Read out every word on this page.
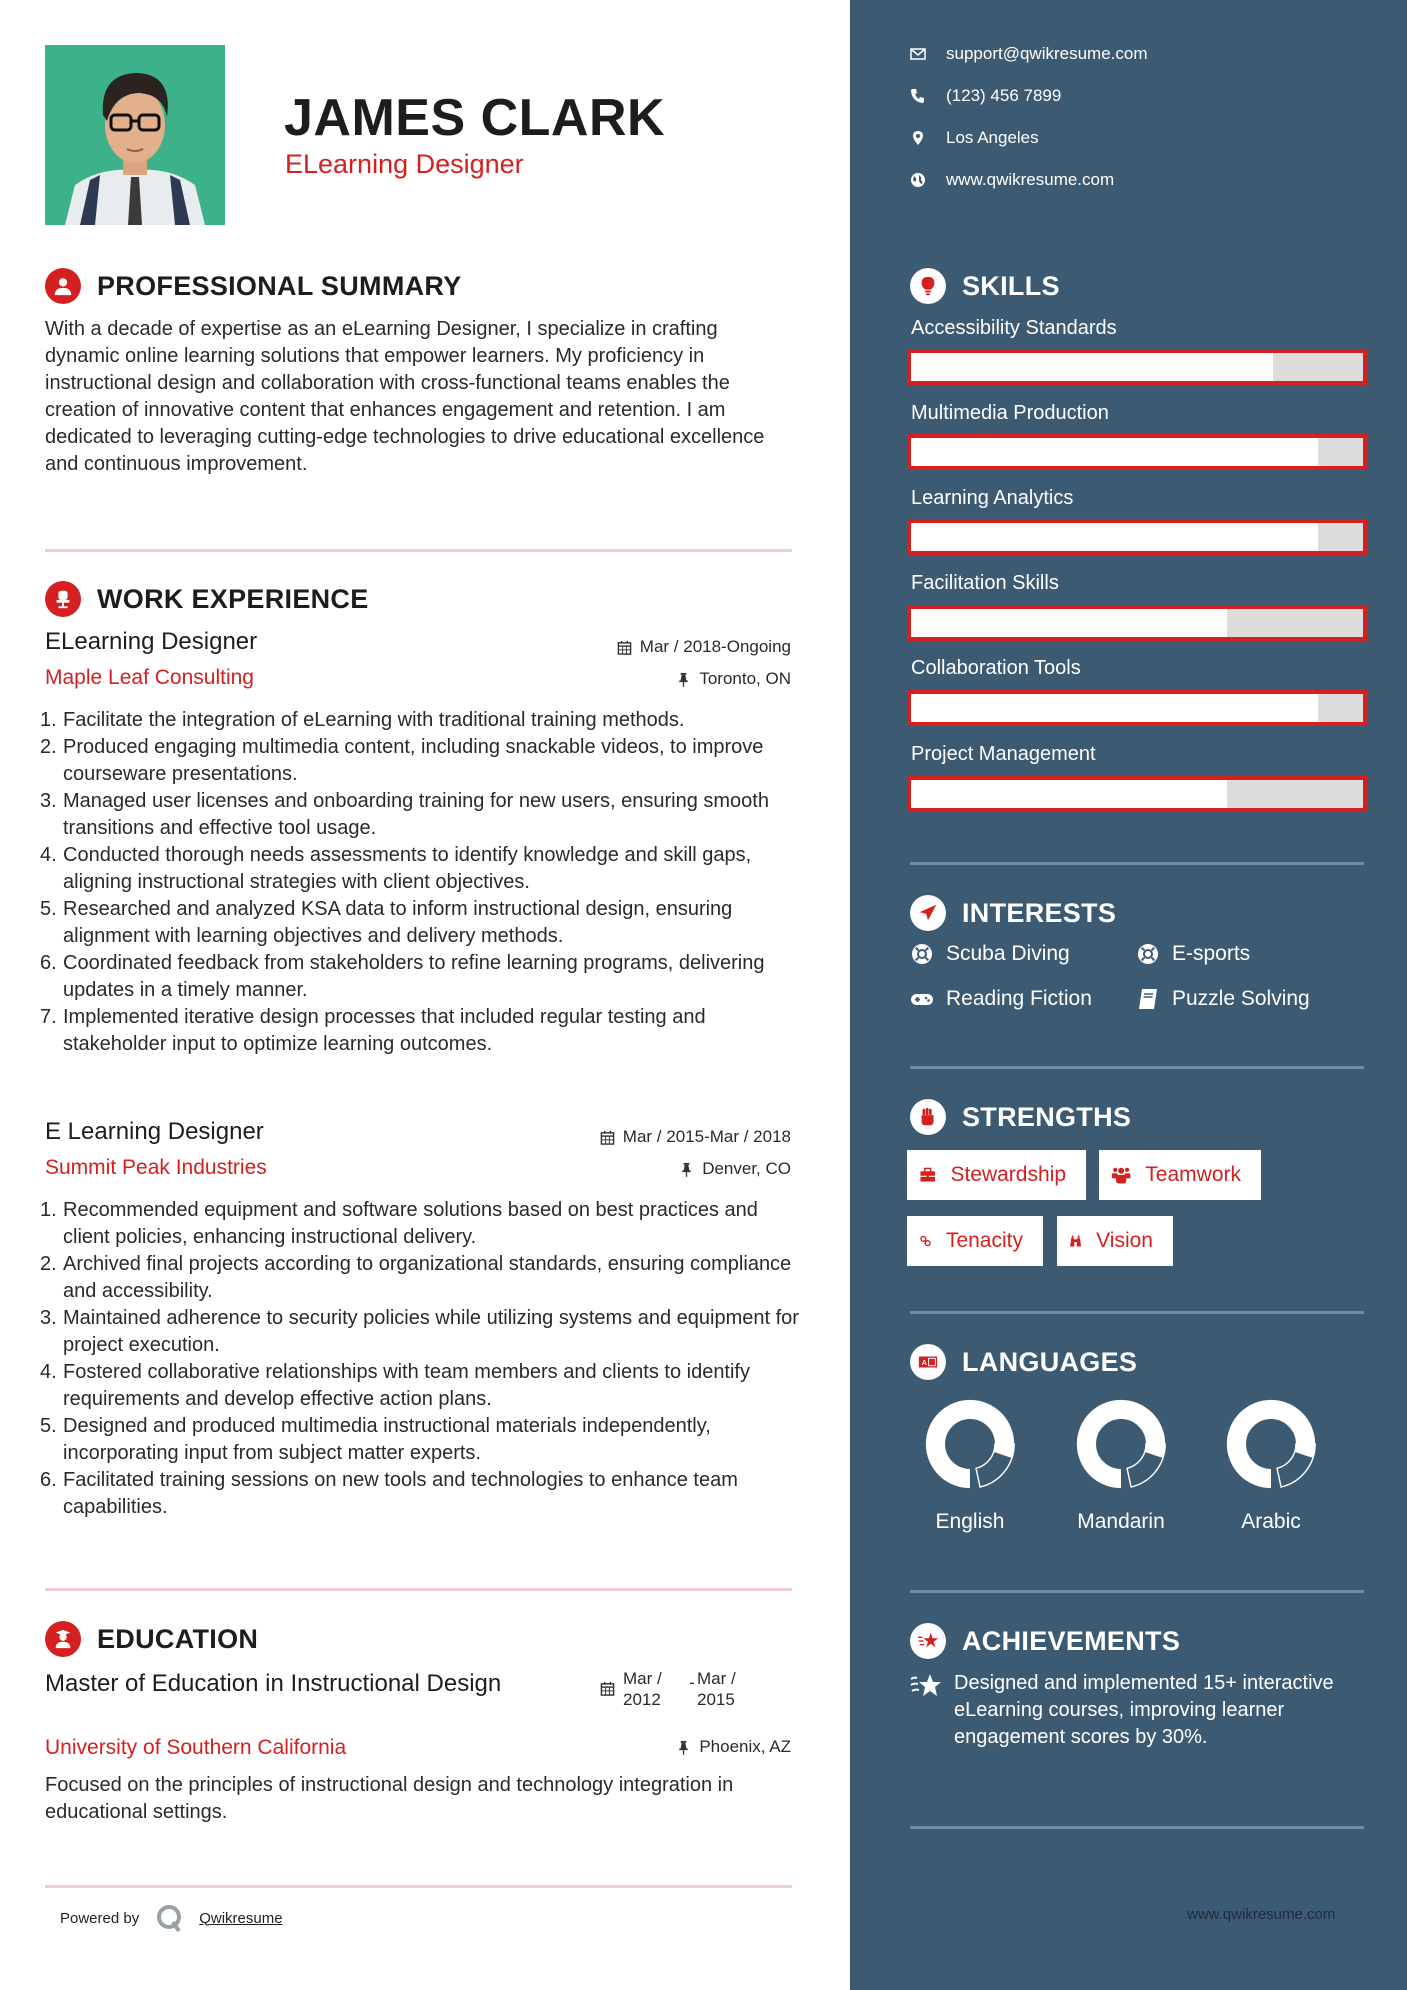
JAMES CLARK
ELearning Designer
PROFESSIONAL SUMMARY
With a decade of expertise as an eLearning Designer, I specialize in crafting dynamic online learning solutions that empower learners. My proficiency in instructional design and collaboration with cross-functional teams enables the creation of innovative content that enhances engagement and retention. I am dedicated to leveraging cutting-edge technologies to drive educational excellence and continuous improvement.
WORK EXPERIENCE
ELearning Designer	Mar / 2018-Ongoing
Maple Leaf Consulting	Toronto, ON
1. Facilitate the integration of eLearning with traditional training methods.
2. Produced engaging multimedia content, including snackable videos, to improve courseware presentations.
3. Managed user licenses and onboarding training for new users, ensuring smooth transitions and effective tool usage.
4. Conducted thorough needs assessments to identify knowledge and skill gaps, aligning instructional strategies with client objectives.
5. Researched and analyzed KSA data to inform instructional design, ensuring alignment with learning objectives and delivery methods.
6. Coordinated feedback from stakeholders to refine learning programs, delivering updates in a timely manner.
7. Implemented iterative design processes that included regular testing and stakeholder input to optimize learning outcomes.
E Learning Designer	Mar / 2015-Mar / 2018
Summit Peak Industries	Denver, CO
1. Recommended equipment and software solutions based on best practices and client policies, enhancing instructional delivery.
2. Archived final projects according to organizational standards, ensuring compliance and accessibility.
3. Maintained adherence to security policies while utilizing systems and equipment for project execution.
4. Fostered collaborative relationships with team members and clients to identify requirements and develop effective action plans.
5. Designed and produced multimedia instructional materials independently, incorporating input from subject matter experts.
6. Facilitated training sessions on new tools and technologies to enhance team capabilities.
EDUCATION
Master of Education in Instructional Design	Mar / 2012
- Mar / 2015
University of Southern California	Phoenix, AZ
Focused on the principles of instructional design and technology integration in educational settings.
Powered by	Qwikresume
support@qwikresume.com
(123) 456 7899
Los Angeles
www.qwikresume.com
SKILLS
Accessibility Standards
Multimedia Production
Learning Analytics
Facilitation Skills
Collaboration Tools
Project Management
INTERESTS
Scuba Diving	E-sports
Reading Fiction	Puzzle Solving
STRENGTHS
Stewardship	Teamwork
Tenacity	Vision
A LANGUAGES
English	Mandarin	Arabic
ACHIEVEMENTS
Designed and implemented 15+ interactive eLearning courses, improving learner engagement scores by 30%.
www.qwikresume.com
